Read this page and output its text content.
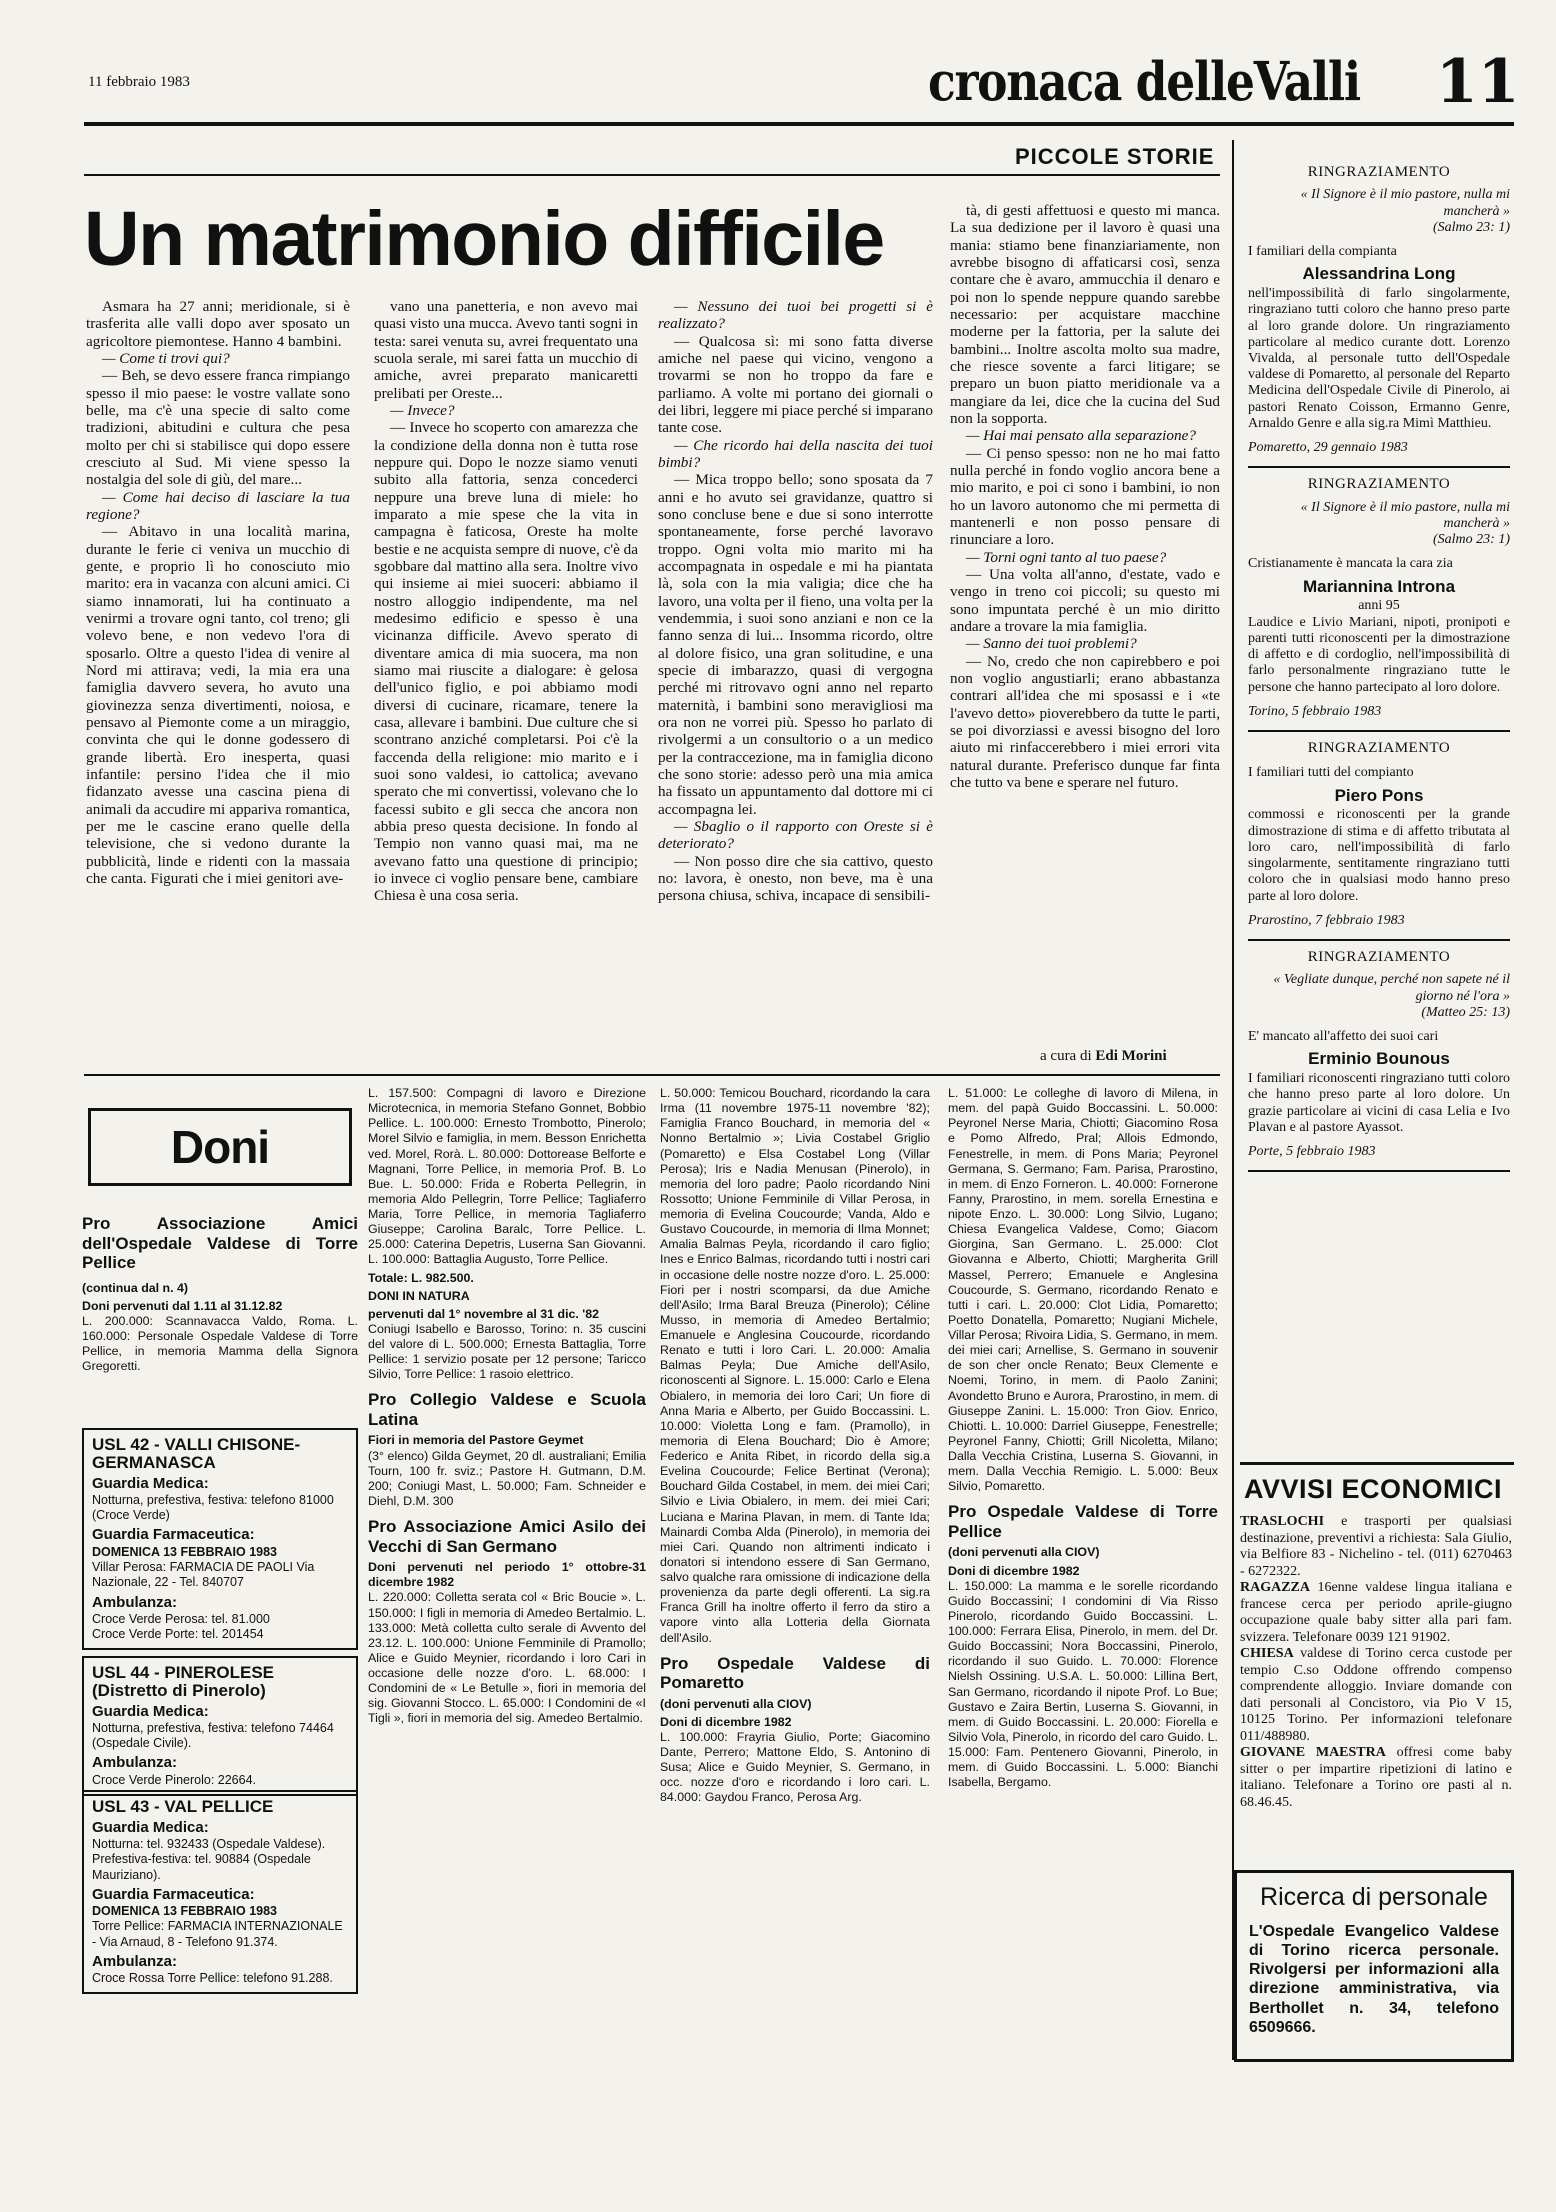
11 febbraio 1983	cronaca delleValli 11
PICCOLE STORIE
Un matrimonio difficile

Asmara ha 27 anni; meridionale, si è trasferita alle valli dopo aver sposato un agricoltore piemontese. Hanno 4 bambini.

— Come ti trovi qui?

— Beh, se devo essere franca rimpiango spesso il mio paese: le vostre vallate sono belle, ma c'è una specie di salto come tradizioni, abitudini e cultura che pesa molto per chi si stabilisce qui dopo essere cresciuto al Sud. Mi viene spesso la nostalgia del sole di giù, del mare...

— Come hai deciso di lasciare la tua regione?

— Abitavo in una località marina, durante le ferie ci veniva un mucchio di gente, e proprio lì ho conosciuto mio marito: era in vacanza con alcuni amici. Ci siamo innamorati, lui ha continuato a venirmi a trovare ogni tanto, col treno; gli volevo bene, e non vedevo l'ora di sposarlo. Oltre a questo l'idea di venire al Nord mi attirava; vedi, la mia era una famiglia davvero severa, ho avuto una giovinezza senza divertimenti, noiosa, e pensavo al Piemonte come a un miraggio, convinta che qui le donne godessero di grande libertà. Ero inesperta, quasi infantile: persino l'idea che il mio fidanzato avesse una cascina piena di animali da accudire mi appariva romantica, per me le cascine erano quelle della televisione, che si vedono durante la pubblicità, linde e ridenti con la massaia che canta. Figurati che i miei genitori ave-

vano una panetteria, e non avevo mai quasi visto una mucca. Avevo tanti sogni in testa: sarei venuta su, avrei frequentato una scuola serale, mi sarei fatta un mucchio di amiche, avrei preparato manicaretti prelibati per Oreste...

— Invece?

— Invece ho scoperto con amarezza che la condizione della donna non è tutta rose neppure qui. Dopo le nozze siamo venuti subito alla fattoria, senza concederci neppure una breve luna di miele: ho imparato a mie spese che la vita in campagna è faticosa, Oreste ha molte bestie e ne acquista sempre di nuove, c'è da sgobbare dal mattino alla sera. Inoltre vivo qui insieme ai miei suoceri: abbiamo il nostro alloggio indipendente, ma nel medesimo edificio e spesso è una vicinanza difficile. Avevo sperato di diventare amica di mia suocera, ma non siamo mai riuscite a dialogare: è gelosa dell'unico figlio, e poi abbiamo modi diversi di cucinare, ricamare, tenere la casa, allevare i bambini. Due culture che si scontrano anziché completarsi. Poi c'è la faccenda della religione: mio marito e i suoi sono valdesi, io cattolica; avevano sperato che mi convertissi, volevano che lo facessi subito e gli secca che ancora non abbia preso questa decisione. In fondo al Tempio non vanno quasi mai, ma ne avevano fatto una questione di principio; io invece ci voglio pensare bene, cambiare Chiesa è una cosa seria.

— Nessuno dei tuoi bei progetti si è realizzato?

— Qualcosa sì: mi sono fatta diverse amiche nel paese qui vicino, vengono a trovarmi se non ho troppo da fare e parliamo. A volte mi portano dei giornali o dei libri, leggere mi piace perché si imparano tante cose.

— Che ricordo hai della nascita dei tuoi bimbi?

— Mica troppo bello; sono sposata da 7 anni e ho avuto sei gravidanze, quattro si sono concluse bene e due si sono interrotte spontaneamente, forse perché lavoravo troppo. Ogni volta mio marito mi ha accompagnata in ospedale e mi ha piantata là, sola con la mia valigia; dice che ha lavoro, una volta per il fieno, una volta per la vendemmia, i suoi sono anziani e non ce la fanno senza di lui... Insomma ricordo, oltre al dolore fisico, una gran solitudine, e una specie di imbarazzo, quasi di vergogna perché mi ritrovavo ogni anno nel reparto maternità, i bambini sono meravigliosi ma ora non ne vorrei più. Spesso ho parlato di rivolgermi a un consultorio o a un medico per la contraccezione, ma in famiglia dicono che sono storie: adesso però una mia amica ha fissato un appuntamento dal dottore mi ci accompagna lei.

— Sbaglio o il rapporto con Oreste si è deteriorato?

— Non posso dire che sia cattivo, questo no: lavora, è onesto, non beve, ma è una persona chiusa, schiva, incapace di sensibili-

tà, di gesti affettuosi e questo mi manca. La sua dedizione per il lavoro è quasi una mania: stiamo bene finanziariamente, non avrebbe bisogno di affaticarsi così, senza contare che è avaro, ammucchia il denaro e poi non lo spende neppure quando sarebbe necessario: per acquistare macchine moderne per la fattoria, per la salute dei bambini... Inoltre ascolta molto sua madre, che riesce sovente a farci litigare; se preparo un buon piatto meridionale va a mangiare da lei, dice che la cucina del Sud non la sopporta.

— Hai mai pensato alla separazione?

— Ci penso spesso: non ne ho mai fatto nulla perché in fondo voglio ancora bene a mio marito, e poi ci sono i bambini, io non ho un lavoro autonomo che mi permetta di mantenerli e non posso pensare di rinunciare a loro.

— Torni ogni tanto al tuo paese?

— Una volta all'anno, d'estate, vado e vengo in treno coi piccoli; su questo mi sono impuntata perché è un mio diritto andare a trovare la mia famiglia.

— Sanno dei tuoi problemi?

— No, credo che non capirebbero e poi non voglio angustiarli; erano abbastanza contrari all'idea che mi sposassi e i «te l'avevo detto» pioverebbero da tutte le parti, se poi divorziassi e avessi bisogno del loro aiuto mi rinfaccerebbero i miei errori vita natural durante. Preferisco dunque far finta che tutto va bene e sperare nel futuro.

a cura di Edi Morini
RINGRAZIAMENTO
« Il Signore è il mio pastore, nulla mi mancherà »
(Salmo 23: 1)
I familiari della compianta
Alessandrina Long
nell'impossibilità di farlo singolarmente, ringraziano tutti coloro che hanno preso parte al loro grande dolore. Un ringraziamento particolare al medico curante dott. Lorenzo Vivalda, al personale tutto dell'Ospedale valdese di Pomaretto, al personale del Reparto Medicina dell'Ospedale Civile di Pinerolo, ai pastori Renato Coisson, Ermanno Genre, Arnaldo Genre e alla sig.ra Mimì Matthieu.
Pomaretto, 29 gennaio 1983
RINGRAZIAMENTO
« Il Signore è il mio pastore, nulla mi mancherà »
(Salmo 23: 1)
Cristianamente è mancata la cara zia
Mariannina Introna
anni 95
Laudice e Livio Mariani, nipoti, pronipoti e parenti tutti riconoscenti per la dimostrazione di affetto e di cordoglio, nell'impossibilità di farlo personalmente ringraziano tutte le persone che hanno partecipato al loro dolore.
Torino, 5 febbraio 1983
RINGRAZIAMENTO
I familiari tutti del compianto
Piero Pons
commossi e riconoscenti per la grande dimostrazione di stima e di affetto tributata al loro caro, nell'impossibilità di farlo singolarmente, sentitamente ringraziano tutti coloro che in qualsiasi modo hanno preso parte al loro dolore.
Prarostino, 7 febbraio 1983
RINGRAZIAMENTO
« Vegliate dunque, perché non sapete né il giorno né l'ora »
(Matteo 25: 13)
E' mancato all'affetto dei suoi cari
Erminio Bounous
I familiari riconoscenti ringraziano tutti coloro che hanno preso parte al loro dolore. Un grazie particolare ai vicini di casa Lelia e Ivo Plavan e al pastore Ayassot.
Porte, 5 febbraio 1983
Doni
Pro Associazione Amici dell'Ospedale Valdese di Torre Pellice
(continua dal n. 4)
Doni pervenuti dal 1.11 al 31.12.82
L. 200.000: Scannavacca Valdo, Roma. L. 160.000: Personale Ospedale Valdese di Torre Pellice, in memoria Mamma della Signora Gregoretti.
USL 42 - VALLI CHISONE-GERMANASCA
Guardia Medica:
Notturna, prefestiva, festiva: telefono 81000 (Croce Verde)
Guardia Farmaceutica:
DOMENICA 13 FEBBRAIO 1983
Villar Perosa: FARMACIA DE PAOLI Via Nazionale, 22 - Tel. 840707
Ambulanza:
Croce Verde Perosa: tel. 81.000
Croce Verde Porte: tel. 201454
USL 44 - PINEROLESE (Distretto di Pinerolo)
Guardia Medica:
Notturna, prefestiva, festiva: telefono 74464 (Ospedale Civile).
Ambulanza:
Croce Verde Pinerolo: 22664.
USL 43 - VAL PELLICE
Guardia Medica:
Notturna: tel. 932433 (Ospedale Valdese).
Prefestiva-festiva: tel. 90884 (Ospedale Mauriziano).
Guardia Farmaceutica:
DOMENICA 13 FEBBRAIO 1983
Torre Pellice: FARMACIA INTERNAZIONALE - Via Arnaud, 8 - Telefono 91.374.
Ambulanza:
Croce Rossa Torre Pellice: telefono 91.288.
L. 157.500: Compagni di lavoro e Direzione Microtecnica, in memoria Stefano Gonnet, Bobbio Pellice. L. 100.000: Ernesto Trombotto, Pinerolo; Morel Silvio e famiglia, in mem. Besson Enrichetta ved. Morel, Rorà. L. 80.000: Dottorease Belforte e Magnani, Torre Pellice, in memoria Prof. B. Lo Bue. L. 50.000: Frida e Roberta Pellegrin, in memoria Aldo Pellegrin, Torre Pellice; Tagliaferro Maria, Torre Pellice, in memoria Tagliaferro Giuseppe; Carolina Baralc, Torre Pellice. L. 25.000: Caterina Depetris, Luserna San Giovanni. L. 100.000: Battaglia Augusto, Torre Pellice.
Totale: L. 982.500.
DONI IN NATURA
pervenuti dal 1° novembre al 31 dic. '82
Coniugi Isabello e Barosso, Torino: n. 35 cuscini del valore di L. 500.000; Ernesta Battaglia, Torre Pellice: 1 servizio posate per 12 persone; Taricco Silvio, Torre Pellice: 1 rasoio elettrico.
Pro Collegio Valdese e Scuola Latina
Fiori in memoria del Pastore Geymet
(3° elenco) Gilda Geymet, 20 dl. australiani; Emilia Tourn, 100 fr. sviz.; Pastore H. Gutmann, D.M. 200; Coniugi Mast, L. 50.000; Fam. Schneider e Diehl, D.M. 300
Pro Associazione Amici Asilo dei Vecchi di San Germano
Doni pervenuti nel periodo 1° ottobre-31 dicembre 1982
L. 220.000: Colletta serata col « Bric Boucie ». L. 150.000: I figli in memoria di Amedeo Bertalmio. L. 133.000: Metà colletta culto serale di Avvento del 23.12. L. 100.000: Unione Femminile di Pramollo; Alice e Guido Meynier, ricordando i loro Cari in occasione delle nozze d'oro. L. 68.000: I Condomini de « Le Betulle », fiori in memoria del sig. Giovanni Stocco. L. 65.000: I Condomini de «I Tigli », fiori in memoria del sig. Amedeo Bertalmio.
L. 50.000: Temicou Bouchard, ricordando la cara Irma (11 novembre 1975-11 novembre '82); Famiglia Franco Bouchard, in memoria del « Nonno Bertalmio »; Livia Costabel Griglio (Pomaretto) e Elsa Costabel Long (Villar Perosa); Iris e Nadia Menusan (Pinerolo), in memoria del loro padre; Paolo ricordando Nini Rossotto; Unione Femminile di Villar Perosa, in memoria di Evelina Coucourde; Vanda, Aldo e Gustavo Coucourde, in memoria di Ilma Monnet; Amalia Balmas Peyla, ricordando il caro figlio; Ines e Enrico Balmas, ricordando tutti i nostri cari in occasione delle nostre nozze d'oro. L. 25.000: Fiori per i nostri scomparsi, da due Amiche dell'Asilo; Irma Baral Breuza (Pinerolo); Céline Musso, in memoria di Amedeo Bertalmio; Emanuele e Anglesina Coucourde, ricordando Renato e tutti i loro Cari. L. 20.000: Amalia Balmas Peyla; Due Amiche dell'Asilo, riconoscenti al Signore. L. 15.000: Carlo e Elena Obialero, in memoria dei loro Cari; Un fiore di Anna Maria e Alberto, per Guido Boccassini. L. 10.000: Violetta Long e fam. (Pramollo), in memoria di Elena Bouchard; Dio è Amore; Federico e Anita Ribet, in ricordo della sig.a Evelina Coucourde; Felice Bertinat (Verona); Bouchard Gilda Costabel, in mem. dei miei Cari; Silvio e Livia Obialero, in mem. dei miei Cari; Luciana e Marina Plavan, in mem. di Tante Ida; Mainardi Comba Alda (Pinerolo), in memoria dei miei Cari. Quando non altrimenti indicato i donatori si intendono essere di San Germano, salvo qualche rara omissione di indicazione della provenienza da parte degli offerenti. La sig.ra Franca Grill ha inoltre offerto il ferro da stiro a vapore vinto alla Lotteria della Giornata dell'Asilo.
Pro Ospedale Valdese di Pomaretto
(doni pervenuti alla CIOV)
Doni di dicembre 1982
L. 100.000: Frayria Giulio, Porte; Giacomino Dante, Perrero; Mattone Eldo, S. Antonino di Susa; Alice e Guido Meynier, S. Germano, in occ. nozze d'oro e ricordando i loro cari. L. 84.000: Gaydou Franco, Perosa Arg.
L. 51.000: Le colleghe di lavoro di Milena, in mem. del papà Guido Boccassini. L. 50.000: Peyronel Nerse Maria, Chiotti; Giacomino Rosa e Pomo Alfredo, Pral; Allois Edmondo, Fenestrelle, in mem. di Pons Maria; Peyronel Germana, S. Germano; Fam. Parisa, Prarostino, in mem. di Enzo Forneron. L. 40.000: Fornerone Fanny, Prarostino, in mem. sorella Ernestina e nipote Enzo. L. 30.000: Long Silvio, Lugano; Chiesa Evangelica Valdese, Como; Giacom Giorgina, San Germano. L. 25.000: Clot Giovanna e Alberto, Chiotti; Margherita Grill Massel, Perrero; Emanuele e Anglesina Coucourde, S. Germano, ricordando Renato e tutti i cari. L. 20.000: Clot Lidia, Pomaretto; Poetto Donatella, Pomaretto; Nugiani Michele, Villar Perosa; Rivoira Lidia, S. Germano, in mem. dei miei cari; Arnellise, S. Germano in souvenir de son cher oncle Renato; Beux Clemente e Noemi, Torino, in mem. di Paolo Zanini; Avondetto Bruno e Aurora, Prarostino, in mem. di Giuseppe Zanini. L. 15.000: Tron Giov. Enrico, Chiotti. L. 10.000: Darriel Giuseppe, Fenestrelle; Peyronel Fanny, Chiotti; Grill Nicoletta, Milano; Dalla Vecchia Cristina, Luserna S. Giovanni, in mem. Dalla Vecchia Remigio. L. 5.000: Beux Silvio, Pomaretto.
Pro Ospedale Valdese di Torre Pellice
(doni pervenuti alla CIOV)
Doni di dicembre 1982
L. 150.000: La mamma e le sorelle ricordando Guido Boccassini; I condomini di Via Risso Pinerolo, ricordando Guido Boccassini. L. 100.000: Ferrara Elisa, Pinerolo, in mem. del Dr. Guido Boccassini; Nora Boccassini, Pinerolo, ricordando il suo Guido. L. 70.000: Florence Nielsh Ossining. U.S.A. L. 50.000: Lillina Bert, San Germano, ricordando il nipote Prof. Lo Bue; Gustavo e Zaira Bertin, Luserna S. Giovanni, in mem. di Guido Boccassini. L. 20.000: Fiorella e Silvio Vola, Pinerolo, in ricordo del caro Guido. L. 15.000: Fam. Pentenero Giovanni, Pinerolo, in mem. di Guido Boccassini. L. 5.000: Bianchi Isabella, Bergamo.
AVVISI ECONOMICI
TRASLOCHI e trasporti per qualsiasi destinazione, preventivi a richiesta: Sala Giulio, via Belfiore 83 - Nichelino - tel. (011) 6270463 - 6272322.
RAGAZZA 16enne valdese lingua italiana e francese cerca per periodo aprile-giugno occupazione quale baby sitter alla pari fam. svizzera. Telefonare 0039 121 91902.
CHIESA valdese di Torino cerca custode per tempio C.so Oddone offrendo compenso comprendente alloggio. Inviare domande con dati personali al Concistoro, via Pio V 15, 10125 Torino. Per informazioni telefonare 011/488980.
GIOVANE MAESTRA offresi come baby sitter o per impartire ripetizioni di latino e italiano. Telefonare a Torino ore pasti al n. 68.46.45.
Ricerca di personale
L'Ospedale Evangelico Valdese di Torino ricerca personale. Rivolgersi per informazioni alla direzione amministrativa, via Berthollet n. 34, telefono 6509666.
